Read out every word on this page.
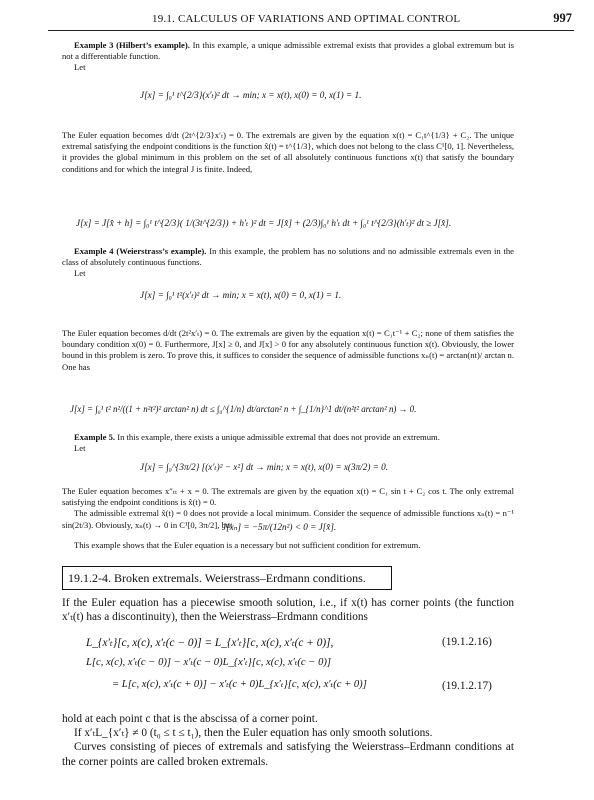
19.1. CALCULUS OF VARIATIONS AND OPTIMAL CONTROL	997

Example 3 (Hilbert’s example). In this example, a unique admissible extremal exists that provides a global extremum but is not a differentiable function.

Let

J[x] = ∫₀¹ t^{2/3}(x′ₜ)² dt → min; x = x(t), x(0) = 0, x(1) = 1.

The Euler equation becomes d/dt (2t^{2/3}x′ₜ) = 0. The extremals are given by the equation x(t) = C₁t^{1/3} + C₂. The unique extremal satisfying the endpoint conditions is the function x̂(t) = t^{1/3}, which does not belong to the class C¹[0, 1]. Nevertheless, it provides the global minimum in this problem on the set of all absolutely continuous functions x(t) that satisfy the boundary conditions and for which the integral J is finite. Indeed,

J[x] = J[x̂ + h] = ∫₀¹ t^{2/3}( 1/(3t^{2/3}) + h′ₜ )² dt = J[x̂] + (2/3)∫₀¹ h′ₜ dt + ∫₀¹ t^{2/3}(h′ₜ)² dt ≥ J[x̂].

Example 4 (Weierstrass’s example). In this example, the problem has no solutions and no admissible extremals even in the class of absolutely continuous functions.

Let

J[x] = ∫₀¹ t²(x′ₜ)² dt → min; x = x(t), x(0) = 0, x(1) = 1.

The Euler equation becomes d/dt (2t²x′ₜ) = 0. The extremals are given by the equation x(t) = C₁t⁻¹ + C₂; none of them satisfies the boundary condition x(0) = 0. Furthermore, J[x] ≥ 0, and J[x] > 0 for any absolutely continuous function x(t). Obviously, the lower bound in this problem is zero. To prove this, it suffices to consider the sequence of admissible functions xₙ(t) = arctan(nt)/ arctan n. One has

J[x] = ∫₀¹ t² n²/((1 + n²t²)² arctan² n) dt ≤ ∫₀^{1/n} dt/arctan² n + ∫_{1/n}^1 dt/(n²t² arctan² n) → 0.

Example 5. In this example, there exists a unique admissible extremal that does not provide an extremum.

Let

J[x] = ∫₀^{3π/2} [(x′ₜ)² − x²] dt → min; x = x(t), x(0) = x(3π/2) = 0.

The Euler equation becomes x″ₜₜ + x = 0. The extremals are given by the equation x(t) = C₁ sin t + C₂ cos t. The only extremal satisfying the endpoint conditions is x̂(t) = 0.

The admissible extremal x̂(t) = 0 does not provide a local minimum. Consider the sequence of admissible functions xₙ(t) = n⁻¹ sin(2t/3). Obviously, xₙ(t) → 0 in C¹[0, 3π/2], but

J[xₙ] = −5π/(12n²) < 0 = J[x̂].

This example shows that the Euler equation is a necessary but not sufficient condition for extremum.

19.1.2-4. Broken extremals. Weierstrass–Erdmann conditions.

If the Euler equation has a piecewise smooth solution, i.e., if x(t) has corner points (the function x′ₜ(t) has a discontinuity), then the Weierstrass–Erdmann conditions

L_{x′ₜ}[c, x(c), x′ₜ(c − 0)] = L_{x′ₜ}[c, x(c), x′ₜ(c + 0)],	(19.1.2.16)
L[c, x(c), x′ₜ(c − 0)] − x′ₜ(c − 0)L_{x′ₜ}[c, x(c), x′ₜ(c − 0)]
= L[c, x(c), x′ₜ(c + 0)] − x′ₜ(c + 0)L_{x′ₜ}[c, x(c), x′ₜ(c + 0)]	(19.1.2.17)

hold at each point c that is the abscissa of a corner point.

If x′ₜL_{x′ₜ} ≠ 0 (t₀ ≤ t ≤ t₁), then the Euler equation has only smooth solutions.

Curves consisting of pieces of extremals and satisfying the Weierstrass–Erdmann conditions at the corner points are called broken extremals.
